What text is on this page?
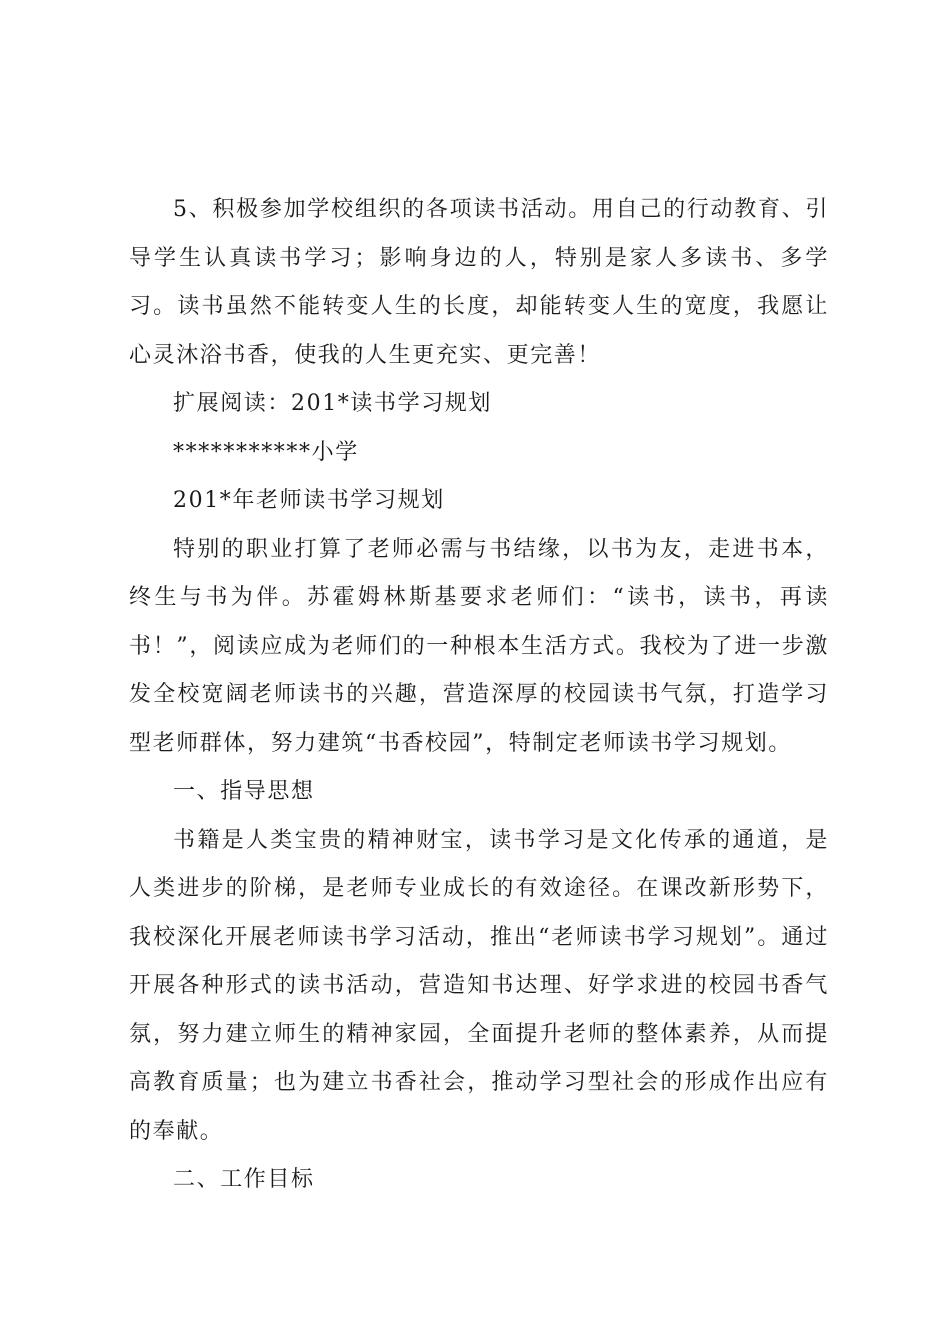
5、积极参加学校组织的各项读书活动。用自己的行动教育、引导学生认真读书学习；影响身边的人，特别是家人多读书、多学习。读书虽然不能转变人生的长度，却能转变人生的宽度，我愿让心灵沐浴书香，使我的人生更充实、更完善！

扩展阅读：201*读书学习规划

***********小学

201*年老师读书学习规划

特别的职业打算了老师必需与书结缘，以书为友，走进书本，终生与书为伴。苏霍姆林斯基要求老师们：“读书，读书，再读书！”，阅读应成为老师们的一种根本生活方式。我校为了进一步激发全校宽阔老师读书的兴趣，营造深厚的校园读书气氛，打造学习型老师群体，努力建筑“书香校园”，特制定老师读书学习规划。

一、指导思想

书籍是人类宝贵的精神财宝，读书学习是文化传承的通道，是人类进步的阶梯，是老师专业成长的有效途径。在课改新形势下，我校深化开展老师读书学习活动，推出“老师读书学习规划”。通过开展各种形式的读书活动，营造知书达理、好学求进的校园书香气氛，努力建立师生的精神家园，全面提升老师的整体素养，从而提高教育质量；也为建立书香社会，推动学习型社会的形成作出应有的奉献。

二、工作目标
